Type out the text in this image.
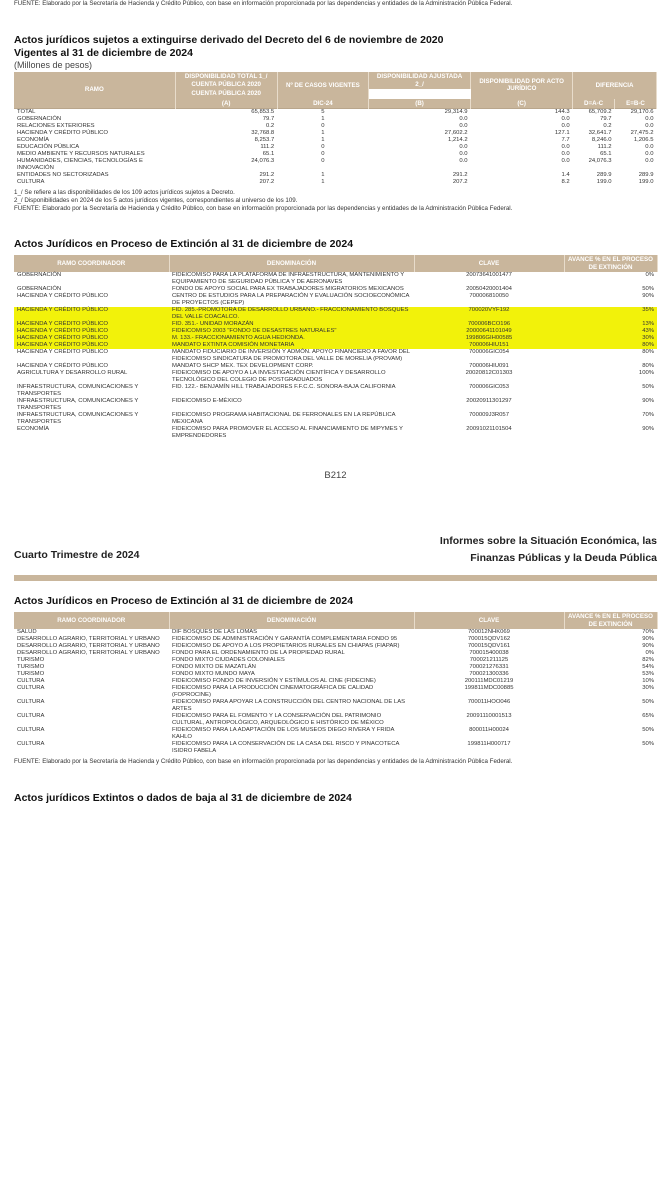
FUENTE: Elaborado por la Secretaría de Hacienda y Crédito Público, con base en información proporcionada por las dependencias y entidades de la Administración Pública Federal.
Actos jurídicos sujetos a extinguirse derivado del Decreto del 6 de noviembre de 2020
Vigentes al 31 de diciembre de 2024
(Millones de pesos)
RAMO	DISPONIBILIDAD TOTAL 1_/ CUENTA PÚBLICA 2020	Nº DE CASOS VIGENTES	DISPONIBILIDAD AJUSTADA 2_/	DISPONIBILIDAD POR ACTO JURÍDICO	DIFERENCIA	
	CUENTA PÚBLICA 2020					
	(A)	DIC-24	(B)	(C)	D=A-C	E=B-C
TOTAL	65,853.5	5	29,314.9	144.3	65,709.2	29,170.6
GOBERNACIÓN	79.7	1	0.0	0.0	79.7	0.0
RELACIONES EXTERIORES	0.2	0	0.0	0.0	0.2	0.0
HACIENDA Y CRÉDITO PÚBLICO	32,768.8	1	27,602.2	127.1	32,641.7	27,475.2
ECONOMÍA	8,253.7	1	1,214.2	7.7	8,246.0	1,206.5
EDUCACIÓN PÚBLICA	111.2	0	0.0	0.0	111.2	0.0
MEDIO AMBIENTE Y RECURSOS NATURALES	65.1	0	0.0	0.0	65.1	0.0
HUMANIDADES, CIENCIAS, TECNOLOGÍAS E INNOVACIÓN	24,076.3	0	0.0	0.0	24,076.3	0.0
ENTIDADES NO SECTORIZADAS	291.2	1	291.2	1.4	289.9	289.9
CULTURA	207.2	1	207.2	8.2	199.0	199.0
1_/ Se refiere a las disponibilidades de los 109 actos jurídicos sujetos a Decreto.
2_/ Disponibilidades en 2024 de los 5 actos jurídicos vigentes, correspondientes al universo de los 109.
FUENTE: Elaborado por la Secretaría de Hacienda y Crédito Público, con base en información proporcionada por las dependencias y entidades de la Administración Pública Federal.
Actos Jurídicos en Proceso de Extinción al 31 de diciembre de 2024
RAMO COORDINADOR	DENOMINACIÓN	CLAVE	AVANCE % EN EL PROCESO DE EXTINCIÓN
GOBERNACIÓN	FIDEICOMISO PARA LA PLATAFORMA DE INFRAESTRUCTURA, MANTENIMIENTO Y EQUIPAMIENTO DE SEGURIDAD PÚBLICA Y DE AERONAVES	20073641001477	0%
GOBERNACIÓN	FONDO DE APOYO SOCIAL PARA EX TRABAJADORES MIGRATORIOS MEXICANOS	20050420001404	50%
HACIENDA Y CRÉDITO PÚBLICO	CENTRO DE ESTUDIOS PARA LA PREPARACIÓN Y EVALUACIÓN SOCIOECONÓMICA DE PROYECTOS (CEPEP)	700006810050	90%
HACIENDA Y CRÉDITO PÚBLICO	FID. 285.-PROMOTORA DE DESARROLLO URBANO.- FRACCIONAMIENTO BOSQUES DEL VALLE COACALCO.	700020VYF192	35%
HACIENDA Y CRÉDITO PÚBLICO	FID. 351.- UNIDAD MORAZÁN	700006BCO196	13%
HACIENDA Y CRÉDITO PÚBLICO	FIDEICOMISO 2003 "FONDO DE DESASTRES NATURALES"	20000641101049	43%
HACIENDA Y CRÉDITO PÚBLICO	M. 133.- FRACCIONAMIENTO AGUA HEDIONDA.	199806GIH00585	30%
HACIENDA Y CRÉDITO PÚBLICO	MANDATO EXTINTA COMISIÓN MONETARIA	700006HIU151	80%
HACIENDA Y CRÉDITO PÚBLICO	MANDATO FIDUCIARIO DE INVERSIÓN Y ADMÓN. APOYO FINANCIERO A FAVOR DEL FIDEICOMISO SINDICATURA DE PROMOTORA DEL VALLE DE MORELIA (PROVAM)	700006GIC054	80%
HACIENDA Y CRÉDITO PÚBLICO	MANDATO SHCP MEX. TEX DEVELOPMENT CORP.	700006HIU091	80%
AGRICULTURA Y DESARROLLO RURAL	FIDEICOMISO DE APOYO A LA INVESTIGACIÓN CIENTÍFICA Y DESARROLLO TECNOLÓGICO DEL COLEGIO DE POSTGRADUADOS	20020812C01303	100%
INFRAESTRUCTURA, COMUNICACIONES Y TRANSPORTES	FID. 122.- BENJAMÍN HILL TRABAJADORES F.F.C.C. SONORA-BAJA CALIFORNIA	700006GIC053	50%
INFRAESTRUCTURA, COMUNICACIONES Y TRANSPORTES	FIDEICOMISO E-MÉXICO	20020911301297	90%
INFRAESTRUCTURA, COMUNICACIONES Y TRANSPORTES	FIDEICOMISO PROGRAMA HABITACIONAL DE FERRONALES EN LA REPÚBLICA MEXICANA	700009J3R057	70%
ECONOMÍA	FIDEICOMISO PARA PROMOVER EL ACCESO AL FINANCIAMIENTO DE MIPYMES Y EMPRENDEDORES	20091021101504	90%
B212
Cuarto Trimestre de 2024
Informes sobre la Situación Económica, las
Finanzas Públicas y la Deuda Pública
Actos Jurídicos en Proceso de Extinción al 31 de diciembre de 2024
RAMO COORDINADOR	DENOMINACIÓN	CLAVE	AVANCE % EN EL PROCESO DE EXTINCIÓN
SALUD	DIF BOSQUES DE LAS LOMAS	700012NHK069	70%
DESARROLLO AGRARIO, TERRITORIAL Y URBANO	FIDEICOMISO DE ADMINISTRACIÓN Y GARANTÍA COMPLEMENTARIA FONDO 95	700015QDV162	90%
DESARROLLO AGRARIO, TERRITORIAL Y URBANO	FIDEICOMISO DE APOYO A LOS PROPIETARIOS RURALES EN CHIAPAS (FIAPAR)	700015QDV161	90%
DESARROLLO AGRARIO, TERRITORIAL Y URBANO	FONDO PARA EL ORDENAMIENTO DE LA PROPIEDAD RURAL	700015400038	0%
TURISMO	FONDO MIXTO CIUDADES COLONIALES	700021211125	82%
TURISMO	FONDO MIXTO DE MAZATLÁN	700021276331	54%
TURISMO	FONDO MIXTO MUNDO MAYA	700021300336	53%
CULTURA	FIDEICOMISO FONDO DE INVERSIÓN Y ESTÍMULOS AL CINE (FIDECINE)	200111MDC01219	10%
CULTURA	FIDEICOMISO PARA LA PRODUCCIÓN CINEMATOGRÁFICA DE CALIDAD (FOPROCINE)	199811MDC00885	30%
CULTURA	FIDEICOMISO PARA APOYAR LA CONSTRUCCIÓN DEL CENTRO NACIONAL DE LAS ARTES	700011HOO046	50%
CULTURA	FIDEICOMISO PARA EL FOMENTO Y LA CONSERVACIÓN DEL PATRIMONIO CULTURAL, ANTROPOLÓGICO, ARQUEOLÓGICO E HISTÓRICO DE MÉXICO	20091110001513	65%
CULTURA	FIDEICOMISO PARA LA ADAPTACIÓN DE LOS MUSEOS DIEGO RIVERA Y FRIDA KAHLO	800011H00024	50%
CULTURA	FIDEICOMISO PARA LA CONSERVACIÓN DE LA CASA DEL RISCO Y PINACOTECA ISIDRO FABELA	199811H000717	50%
FUENTE: Elaborado por la Secretaría de Hacienda y Crédito Público, con base en información proporcionada por las dependencias y entidades de la Administración Pública Federal.
Actos jurídicos Extintos o dados de baja al 31 de diciembre de 2024
